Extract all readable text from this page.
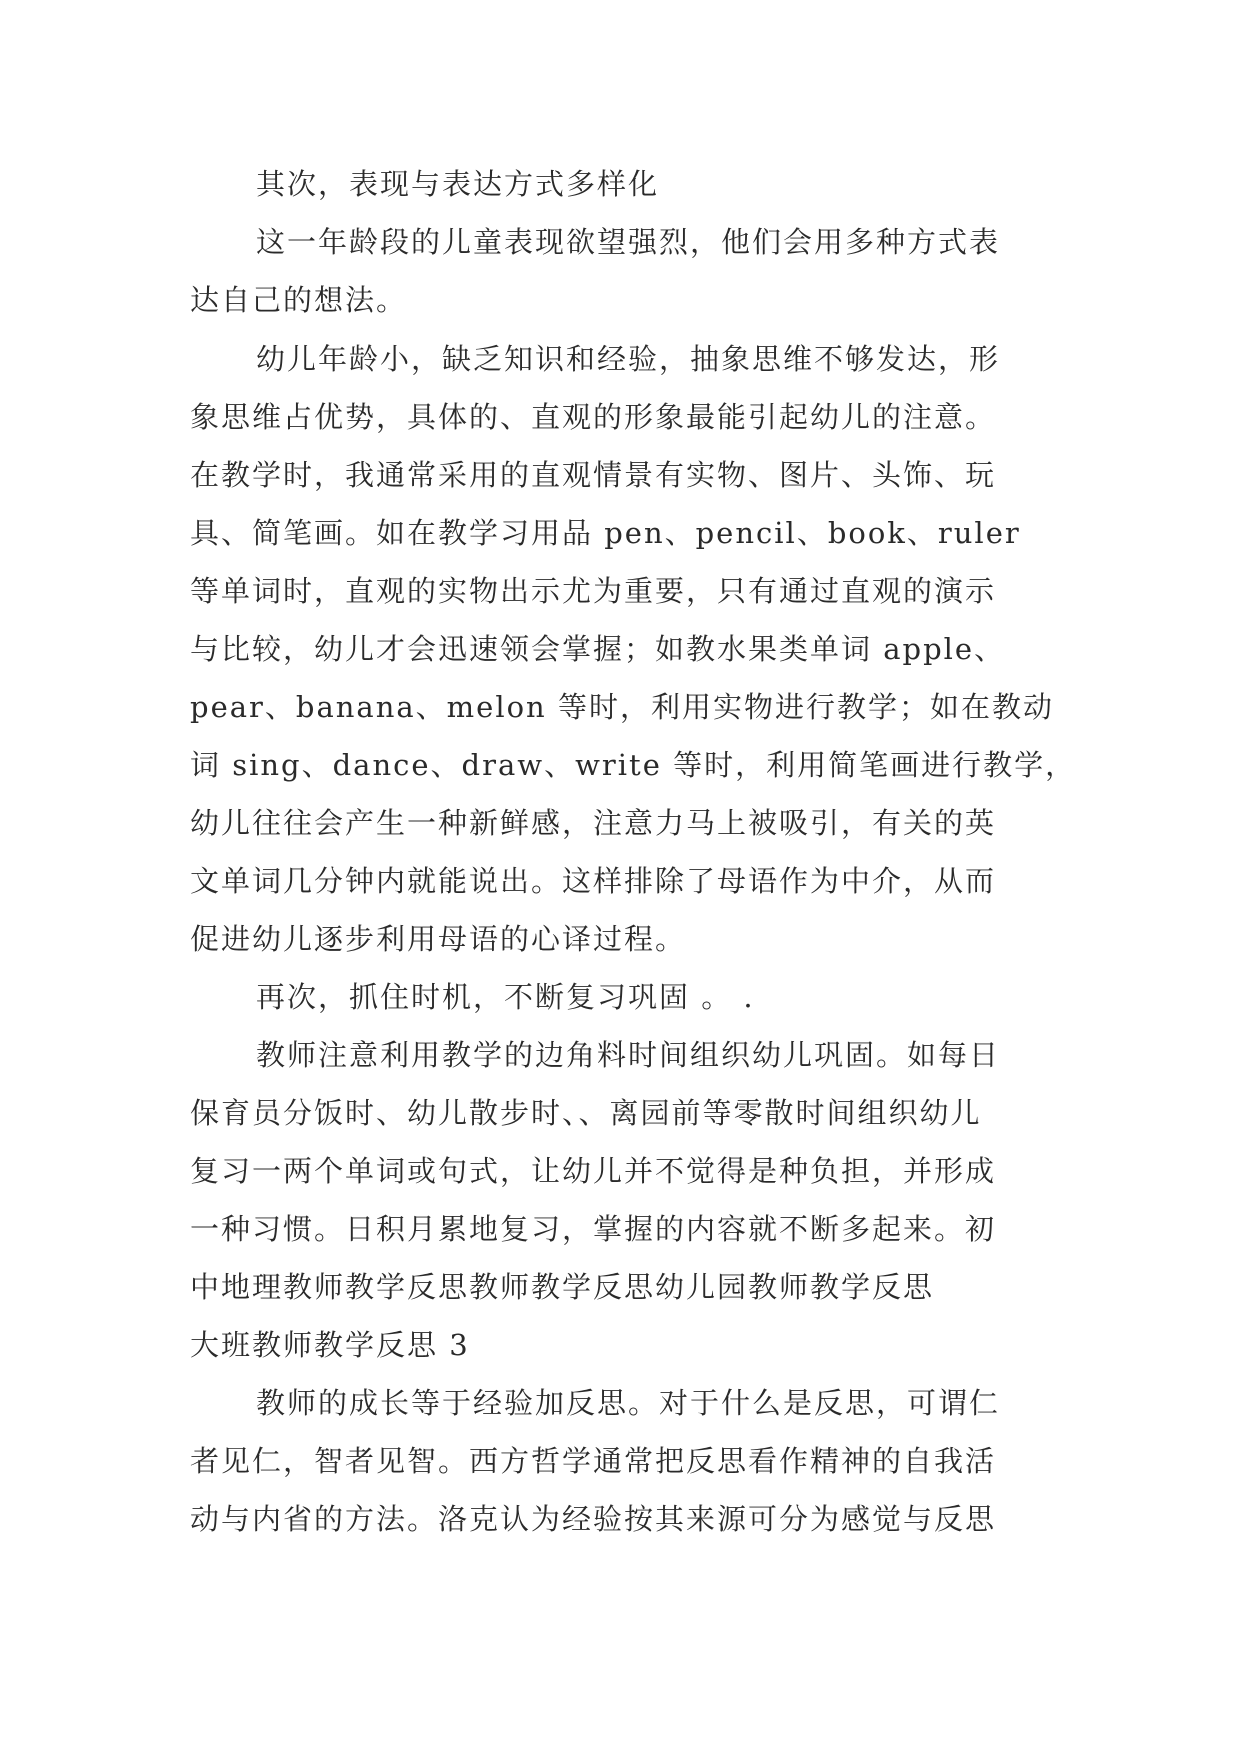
其次，表现与表达方式多样化
这一年龄段的儿童表现欲望强烈，他们会用多种方式表
达自己的想法。
幼儿年龄小，缺乏知识和经验，抽象思维不够发达，形
象思维占优势，具体的、直观的形象最能引起幼儿的注意。
在教学时，我通常采用的直观情景有实物、图片、头饰、玩
具、简笔画。如在教学习用品 pen、pencil、book、ruler
等单词时，直观的实物出示尤为重要，只有通过直观的演示
与比较，幼儿才会迅速领会掌握；如教水果类单词 apple、
pear、banana、melon 等时，利用实物进行教学；如在教动
词 sing、dance、draw、write 等时，利用简笔画进行教学，
幼儿往往会产生一种新鲜感，注意力马上被吸引，有关的英
文单词几分钟内就能说出。这样排除了母语作为中介，从而
促进幼儿逐步利用母语的心译过程。
再次，抓住时机，不断复习巩固 。 .
教师注意利用教学的边角料时间组织幼儿巩固。如每日
保育员分饭时、幼儿散步时、、离园前等零散时间组织幼儿
复习一两个单词或句式，让幼儿并不觉得是种负担，并形成
一种习惯。日积月累地复习，掌握的内容就不断多起来。初
中地理教师教学反思教师教学反思幼儿园教师教学反思
大班教师教学反思 3
教师的成长等于经验加反思。对于什么是反思，可谓仁
者见仁，智者见智。西方哲学通常把反思看作精神的自我活
动与内省的方法。洛克认为经验按其来源可分为感觉与反思
